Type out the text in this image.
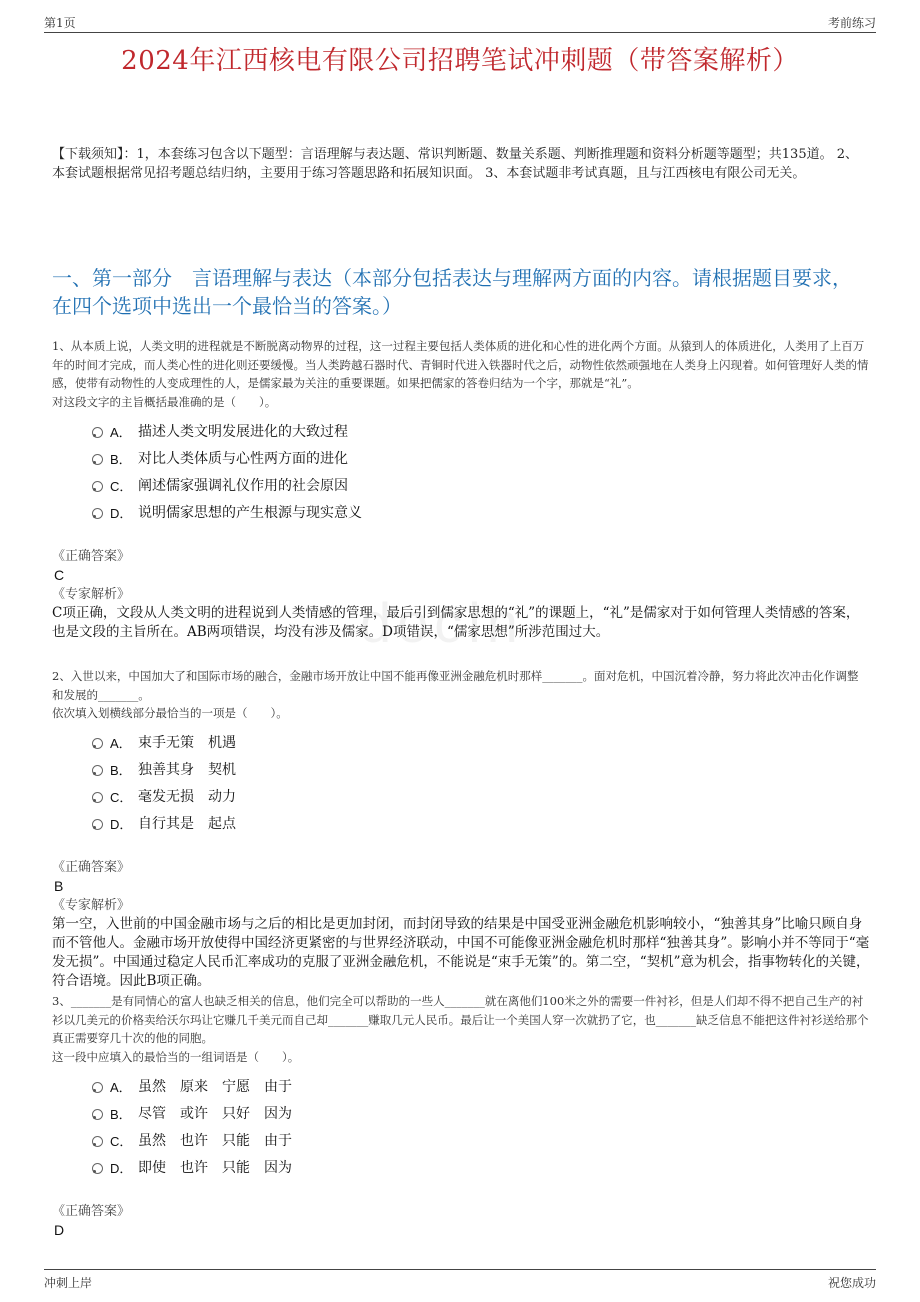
第1页	考前练习
2024年江西核电有限公司招聘笔试冲刺题（带答案解析）
【下载须知】：1，本套练习包含以下题型：言语理解与表达题、常识判断题、数量关系题、判断推理题和资料分析题等题型；共135道。 2、本套试题根据常见招考题总结归纳，主要用于练习答题思路和拓展知识面。 3、本套试题非考试真题，且与江西核电有限公司无关。
一、第一部分　言语理解与表达（本部分包括表达与理解两方面的内容。请根据题目要求，在四个选项中选出一个最恰当的答案。）
docin
1、从本质上说，人类文明的进程就是不断脱离动物界的过程，这一过程主要包括人类体质的进化和心性的进化两个方面。从猿到人的体质进化，人类用了上百万年的时间才完成，而人类心性的进化则还要缓慢。当人类跨越石器时代、青铜时代进入铁器时代之后，动物性依然顽强地在人类身上闪现着。如何管理好人类的情感，使带有动物性的人变成理性的人，是儒家最为关注的重要课题。如果把儒家的答卷归结为一个字，那就是“礼”。
对这段文字的主旨概括最准确的是（　　）。
A． 描述人类文明发展进化的大致过程
B． 对比人类体质与心性两方面的进化
C． 阐述儒家强调礼仪作用的社会原因
D． 说明儒家思想的产生根源与现实意义
《正确答案》
C
《专家解析》
C项正确，文段从人类文明的进程说到人类情感的管理，最后引到儒家思想的“礼”的课题上，“礼”是儒家对于如何管理人类情感的答案，也是文段的主旨所在。AB两项错误，均没有涉及儒家。D项错误，“儒家思想”所涉范围过大。
2、入世以来，中国加大了和国际市场的融合，金融市场开放让中国不能再像亚洲金融危机时那样_______。面对危机，中国沉着冷静，努力将此次冲击化作调整和发展的_______。
依次填入划横线部分最恰当的一项是（　　）。
A． 束手无策　机遇
B． 独善其身　契机
C． 毫发无损　动力
D． 自行其是　起点
《正确答案》
B
《专家解析》
第一空，入世前的中国金融市场与之后的相比是更加封闭，而封闭导致的结果是中国受亚洲金融危机影响较小，“独善其身”比喻只顾自身而不管他人。金融市场开放使得中国经济更紧密的与世界经济联动，中国不可能像亚洲金融危机时那样“独善其身”。影响小并不等同于“毫发无损”。中国通过稳定人民币汇率成功的克服了亚洲金融危机，不能说是“束手无策”的。第二空，“契机”意为机会，指事物转化的关键，符合语境。因此B项正确。
3、_______是有同情心的富人也缺乏相关的信息，他们完全可以帮助的一些人_______就在离他们100米之外的需要一件衬衫，但是人们却不得不把自己生产的衬衫以几美元的价格卖给沃尔玛让它赚几千美元而自己却_______赚取几元人民币。最后让一个美国人穿一次就扔了它，也_______缺乏信息不能把这件衬衫送给那个真正需要穿几十次的他的同胞。
这一段中应填入的最恰当的一组词语是（　　）。
A． 虽然　原来　宁愿　由于
B． 尽管　或许　只好　因为
C． 虽然　也许　只能　由于
D． 即使　也许　只能　因为
《正确答案》
D
冲刺上岸	祝您成功
